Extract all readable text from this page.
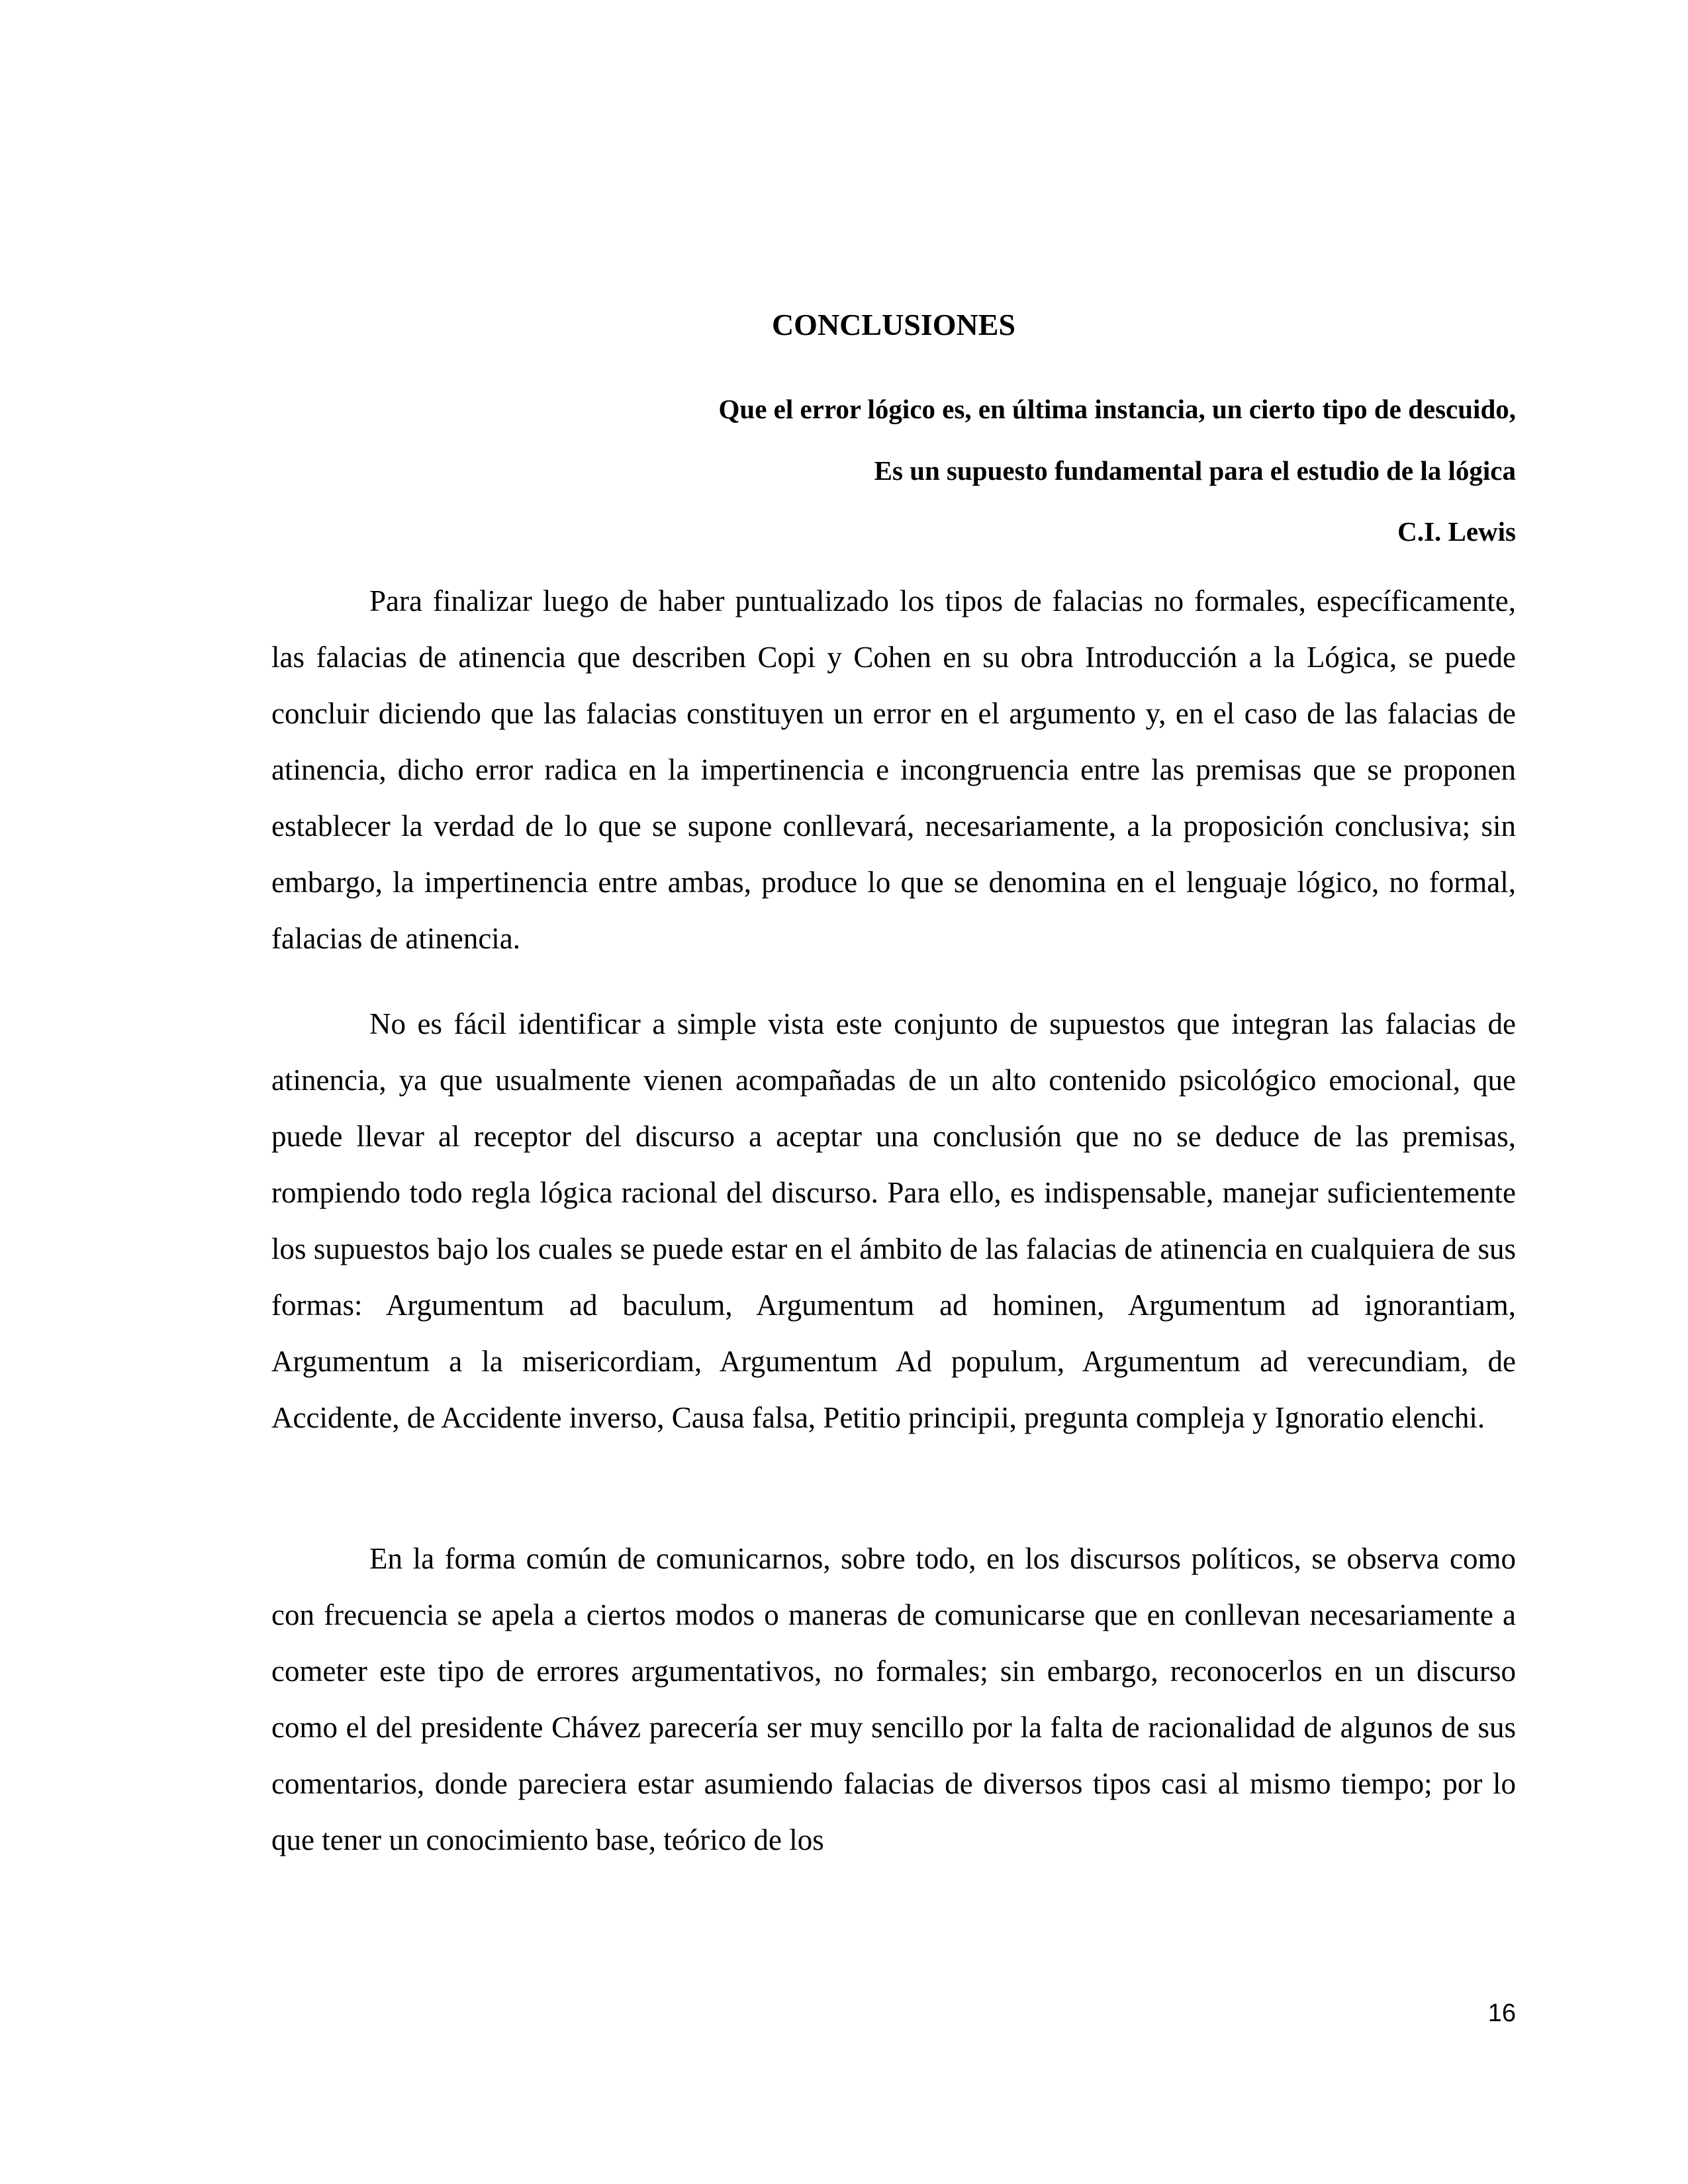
CONCLUSIONES
Que el error lógico es, en última instancia, un cierto tipo de descuido,
Es un supuesto fundamental para el estudio de la lógica
C.I. Lewis

Para finalizar luego de haber puntualizado los tipos de falacias no formales, específicamente, las falacias de atinencia que describen Copi y Cohen en su obra Introducción a la Lógica, se puede concluir diciendo que las falacias constituyen un error en el argumento y, en el caso de las falacias de atinencia, dicho error radica en la impertinencia e incongruencia entre las premisas que se proponen establecer la verdad de lo que se supone conllevará, necesariamente, a la proposición conclusiva; sin embargo, la impertinencia entre ambas, produce lo que se denomina en el lenguaje lógico, no formal, falacias de atinencia.

No es fácil identificar a simple vista este conjunto de supuestos que integran las falacias de atinencia, ya que usualmente vienen acompañadas de un alto contenido psicológico emocional, que puede llevar al receptor del discurso a aceptar una conclusión que no se deduce de las premisas, rompiendo todo regla lógica racional del discurso. Para ello, es indispensable, manejar suficientemente los supuestos bajo los cuales se puede estar en el ámbito de las falacias de atinencia en cualquiera de sus formas: Argumentum ad baculum, Argumentum ad hominen, Argumentum ad ignorantiam, Argumentum a la misericordiam, Argumentum Ad populum, Argumentum ad verecundiam, de Accidente, de Accidente inverso, Causa falsa, Petitio principii, pregunta compleja y Ignoratio elenchi.

En la forma común de comunicarnos, sobre todo, en los discursos políticos, se observa como con frecuencia se apela a ciertos modos o maneras de comunicarse que en conllevan necesariamente a cometer este tipo de errores argumentativos, no formales; sin embargo, reconocerlos en un discurso como el del presidente Chávez parecería ser muy sencillo por la falta de racionalidad de algunos de sus comentarios, donde pareciera estar asumiendo falacias de diversos tipos casi al mismo tiempo; por lo que tener un conocimiento base, teórico de los

16
